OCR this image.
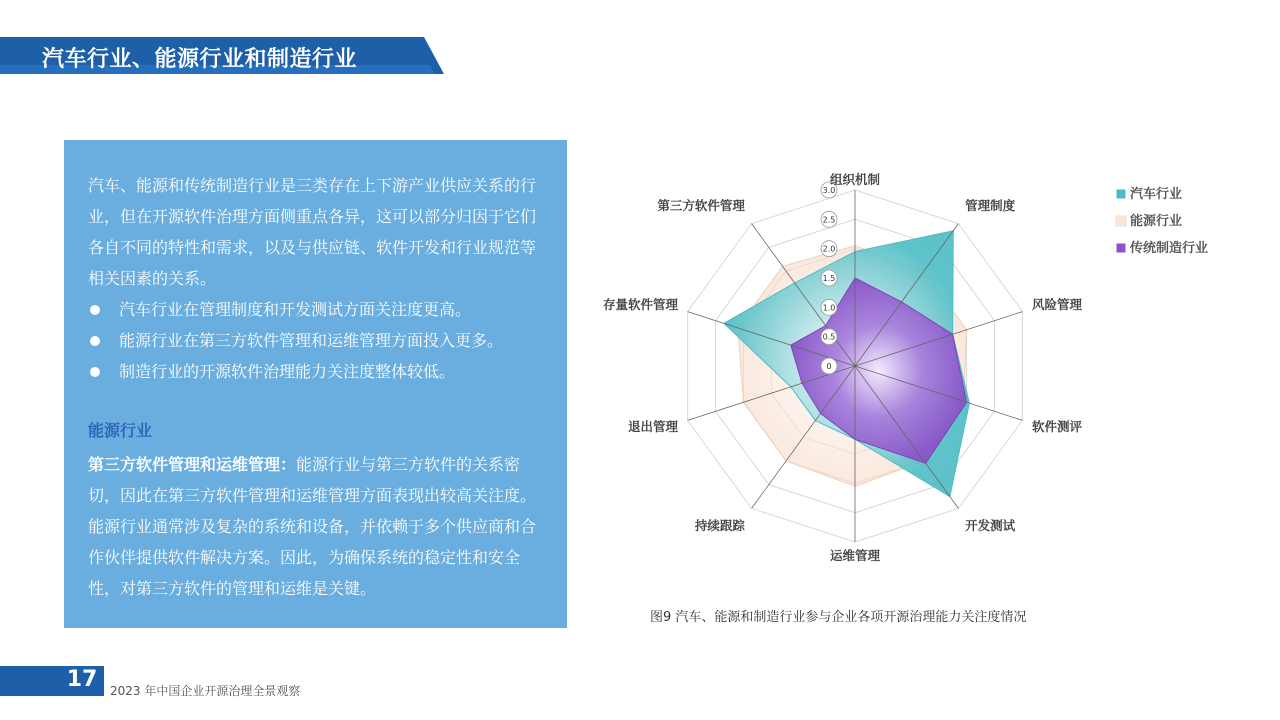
汽车行业、能源行业和制造行业

汽车、能源和传统制造行业是三类存在上下游产业供应关系的行业，但在开源软件治理方面侧重点各异，这可以部分归因于它们各自不同的特性和需求，以及与供应链、软件开发和行业规范等相关因素的关系。

汽车行业在管理制度和开发测试方面关注度更高。
能源行业在第三方软件管理和运维管理方面投入更多。
制造行业的开源软件治理能力关注度整体较低。
能源行业

第三方软件管理和运维管理：能源行业与第三方软件的关系密切，因此在第三方软件管理和运维管理方面表现出较高关注度。能源行业通常涉及复杂的系统和设备，并依赖于多个供应商和合作伙伴提供软件解决方案。因此，为确保系统的稳定性和安全性，对第三方软件的管理和运维是关键。

0
0.5
1.0
1.5
2.0
2.5
3.0
组织机制
管理制度
风险管理
软件测评
开发测试
运维管理
持续跟踪
退出管理
存量软件管理
第三方软件管理
汽车行业
能源行业
传统制造行业
图9 汽车、能源和制造行业参与企业各项开源治理能力关注度情况
17 2023 年中国企业开源治理全景观察
